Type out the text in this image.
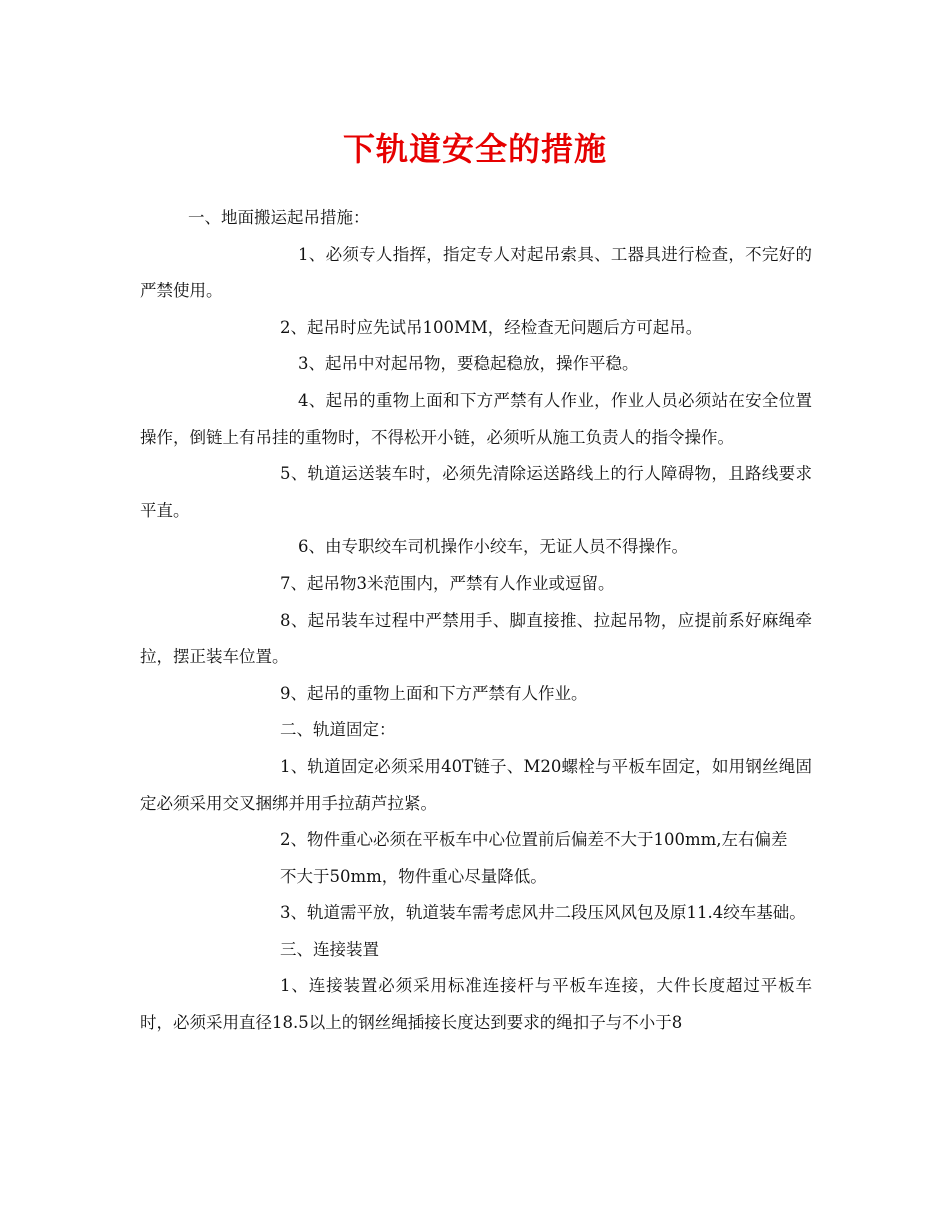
下轨道安全的措施

一、地面搬运起吊措施：

1、必须专人指挥，指定专人对起吊索具、工器具进行检查，不完好的严禁使用。

2、起吊时应先试吊100MM，经检查无问题后方可起吊。

3、起吊中对起吊物，要稳起稳放，操作平稳。

4、起吊的重物上面和下方严禁有人作业，作业人员必须站在安全位置操作，倒链上有吊挂的重物时，不得松开小链，必须听从施工负责人的指令操作。

5、轨道运送装车时，必须先清除运送路线上的行人障碍物，且路线要求平直。

6、由专职绞车司机操作小绞车，无证人员不得操作。

7、起吊物3米范围内，严禁有人作业或逗留。

8、起吊装车过程中严禁用手、脚直接推、拉起吊物，应提前系好麻绳牵拉，摆正装车位置。

9、起吊的重物上面和下方严禁有人作业。

二、轨道固定：

1、轨道固定必须采用40T链子、M20螺栓与平板车固定，如用钢丝绳固定必须采用交叉捆绑并用手拉葫芦拉紧。

2、物件重心必须在平板车中心位置前后偏差不大于100mm,左右偏差

不大于50mm，物件重心尽量降低。

3、轨道需平放，轨道装车需考虑风井二段压风风包及原11.4绞车基础。

三、连接装置

1、连接装置必须采用标准连接杆与平板车连接，大件长度超过平板车时，必须采用直径18.5以上的钢丝绳插接长度达到要求的绳扣子与不小于8
